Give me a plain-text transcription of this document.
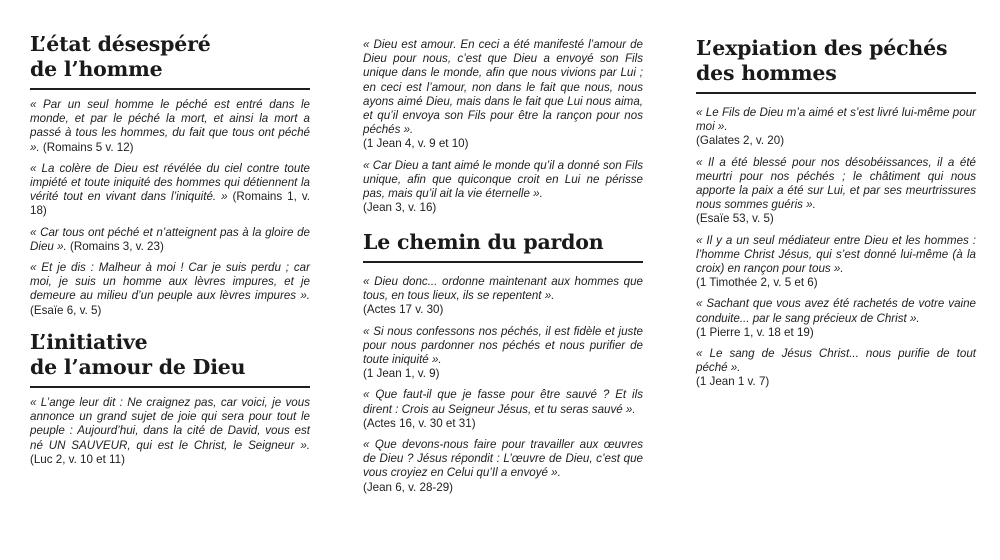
L’état désespéré
de l’homme

« Par un seul homme le péché est entré dans le monde, et par le péché la mort, et ainsi la mort a passé à tous les hommes, du fait que tous ont péché ». (Romains 5 v. 12)

« La colère de Dieu est révélée du ciel contre toute impiété et toute iniquité des hommes qui détiennent la vérité tout en vivant dans l’iniquité. » (Romains 1, v. 18)

« Car tous ont péché et n’atteignent pas à la gloire de Dieu ». (Romains 3, v. 23)

« Et je dis : Malheur à moi ! Car je suis perdu ; car moi, je suis un homme aux lèvres impures, et je demeure au milieu d’un peuple aux lèvres impures ». (Esaïe 6, v. 5)

L’initiative
de l’amour de Dieu

« L’ange leur dit : Ne craignez pas, car voici, je vous annonce un grand sujet de joie qui sera pour tout le peuple : Aujourd’hui, dans la cité de David, vous est né UN SAUVEUR, qui est le Christ, le Seigneur ». (Luc 2, v. 10 et 11)

« Dieu est amour. En ceci a été manifesté l’amour de Dieu pour nous, c’est que Dieu a envoyé son Fils unique dans le monde, afin que nous vivions par Lui ; en ceci est l’amour, non dans le fait que nous, nous ayons aimé Dieu, mais dans le fait que Lui nous aima, et qu’il envoya son Fils pour être la rançon pour nos péchés ».
(1 Jean 4, v. 9 et 10)

« Car Dieu a tant aimé le monde qu’il a donné son Fils unique, afin que quiconque croit en Lui ne périsse pas, mais qu’il ait la vie éternelle ».
(Jean 3, v. 16)

Le chemin du pardon

« Dieu donc... ordonne maintenant aux hommes que tous, en tous lieux, ils se repentent ».
(Actes 17 v. 30)

« Si nous confessons nos péchés, il est fidèle et juste pour nous pardonner nos péchés et nous purifier de toute iniquité ».
(1 Jean 1, v. 9)

« Que faut-il que je fasse pour être sauvé ? Et ils dirent : Crois au Seigneur Jésus, et tu seras sauvé ».
(Actes 16, v. 30 et 31)

« Que devons-nous faire pour travailler aux œuvres de Dieu ? Jésus répondit : L’œuvre de Dieu, c’est que vous croyiez en Celui qu’Il a envoyé ».
(Jean 6, v. 28-29)

L’expiation des péchés
des hommes

« Le Fils de Dieu m’a aimé et s’est livré lui-même pour moi ».
(Galates 2, v. 20)

« Il a été blessé pour nos désobéissances, il a été meurtri pour nos péchés ; le châtiment qui nous apporte la paix a été sur Lui, et par ses meurtrissures nous sommes guéris ».
(Esaïe 53, v. 5)

« Il y a un seul médiateur entre Dieu et les hommes : l’homme Christ Jésus, qui s’est donné lui-même (à la croix) en rançon pour tous ».
(1 Timothée 2, v. 5 et 6)

« Sachant que vous avez été rachetés de votre vaine conduite... par le sang précieux de Christ ».
(1 Pierre 1, v. 18 et 19)

« Le sang de Jésus Christ... nous purifie de tout péché ».
(1 Jean 1 v. 7)
